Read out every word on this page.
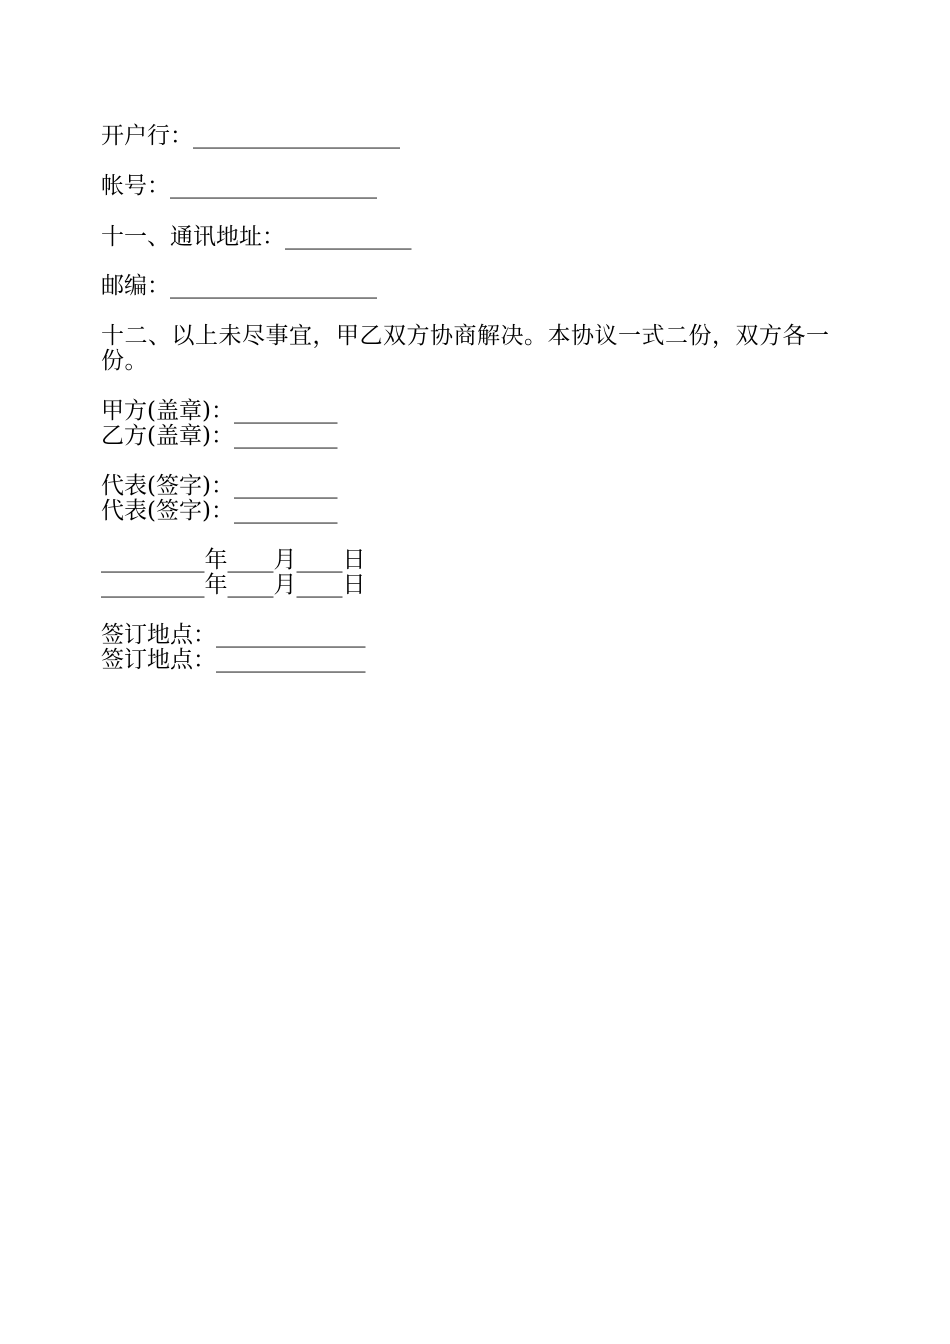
开户行：__________________
帐号：__________________
十一、通讯地址：___________
邮编：__________________
十二、以上未尽事宜，甲乙双方协商解决。本协议一式二份，双方各一份。
甲方(盖章)：_________
乙方(盖章)：_________
代表(签字)：_________
代表(签字)：_________
_________年____月____日
_________年____月____日
签订地点：_____________
签订地点：_____________
